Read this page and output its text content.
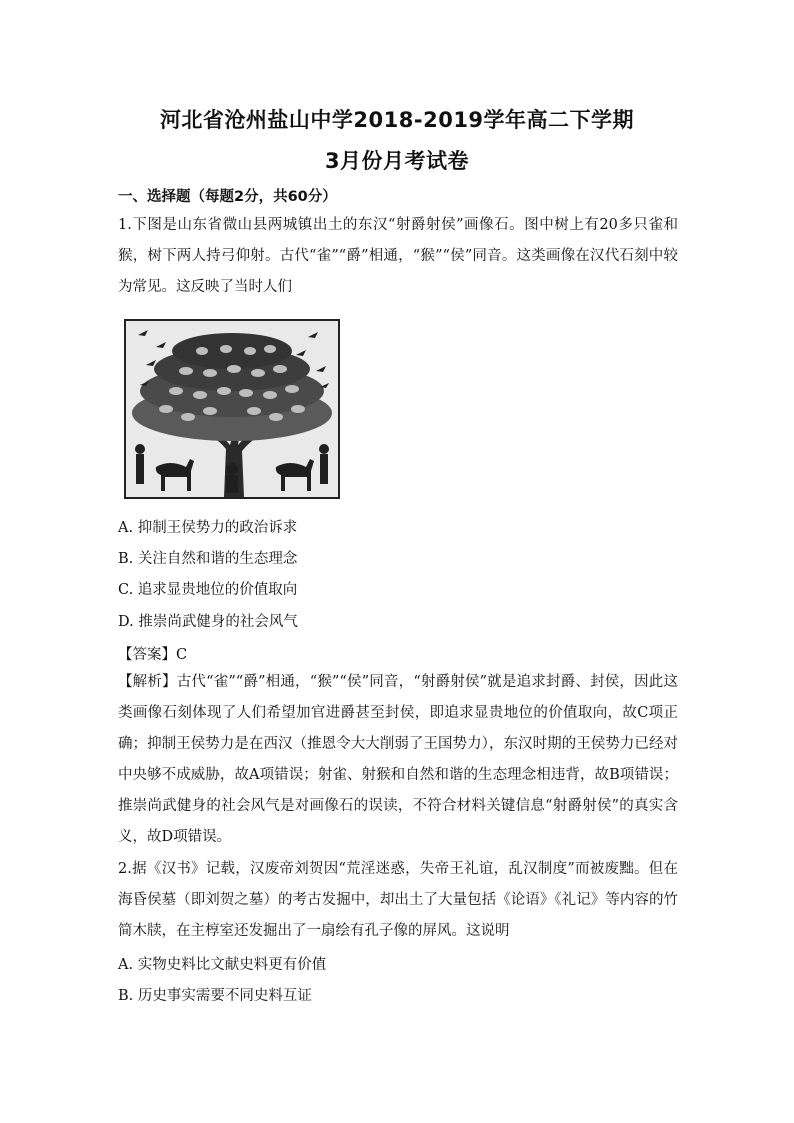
河北省沧州盐山中学2018-2019学年高二下学期
3月份月考试卷
一、选择题（每题2分，共60分）

1.下图是山东省微山县两城镇出土的东汉“射爵射侯”画像石。图中树上有20多只雀和猴，树下两人持弓仰射。古代“雀”“爵”相通，“猴”“侯”同音。这类画像在汉代石刻中较为常见。这反映了当时人们

A. 抑制王侯势力的政治诉求

B. 关注自然和谐的生态理念

C. 追求显贵地位的价值取向

D. 推崇尚武健身的社会风气

【答案】C

【解析】古代“雀”“爵”相通，“猴”“侯”同音，“射爵射侯”就是追求封爵、封侯，因此这类画像石刻体现了人们希望加官进爵甚至封侯，即追求显贵地位的价值取向，故C项正确；抑制王侯势力是在西汉（推恩令大大削弱了王国势力），东汉时期的王侯势力已经对中央够不成威胁，故A项错误；射雀、射猴和自然和谐的生态理念相违背，故B项错误；推崇尚武健身的社会风气是对画像石的误读，不符合材料关键信息“射爵射侯”的真实含义，故D项错误。

2.据《汉书》记载，汉废帝刘贺因“荒淫迷惑，失帝王礼谊，乱汉制度”而被废黜。但在海昏侯墓（即刘贺之墓）的考古发掘中，却出土了大量包括《论语》《礼记》等内容的竹简木牍，在主椁室还发掘出了一扇绘有孔子像的屏风。这说明

A. 实物史料比文献史料更有价值

B. 历史事实需要不同史料互证
